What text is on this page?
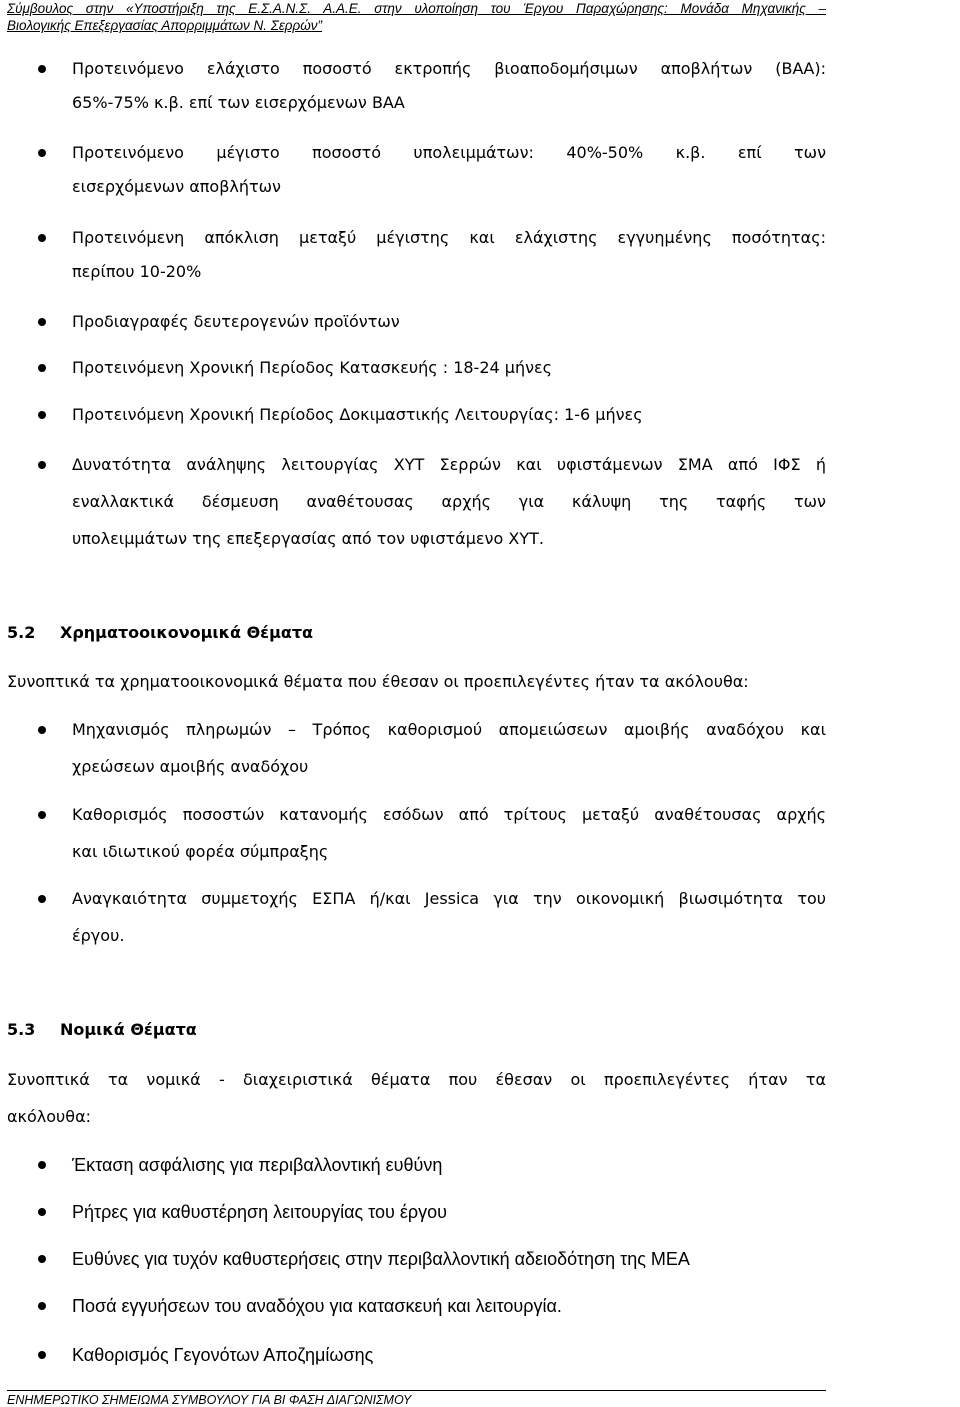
Σύμβουλος στην «Υποστήριξη της Ε.Σ.Α.Ν.Σ. Α.Α.Ε. στην υλοποίηση του Έργου Παραχώρησης: Μονάδα Μηχανικής –
Βιολογικής Επεξεργασίας Απορριμμάτων Ν. Σερρών”
Προτεινόμενο ελάχιστο ποσοστό εκτροπής βιοαποδομήσιμων αποβλήτων (ΒΑΑ):
65%-75% κ.β. επί των εισερχόμενων ΒΑΑ
Προτεινόμενο μέγιστο ποσοστό υπολειμμάτων: 40%-50% κ.β. επί των
εισερχόμενων αποβλήτων
Προτεινόμενη απόκλιση μεταξύ μέγιστης και ελάχιστης εγγυημένης ποσότητας:
περίπου 10-20%
Προδιαγραφές δευτερογενών προϊόντων
Προτεινόμενη Χρονική Περίοδος Κατασκευής : 18-24 μήνες
Προτεινόμενη Χρονική Περίοδος Δοκιμαστικής Λειτουργίας: 1-6 μήνες
Δυνατότητα ανάληψης λειτουργίας ΧΥΤ Σερρών και υφιστάμενων ΣΜΑ από ΙΦΣ ή
εναλλακτικά δέσμευση αναθέτουσας αρχής για κάλυψη της ταφής των
υπολειμμάτων της επεξεργασίας από τον υφιστάμενο ΧΥΤ.
5.2 Χρηματοοικονομικά Θέματα
Συνοπτικά τα χρηματοοικονομικά θέματα που έθεσαν οι προεπιλεγέντες ήταν τα ακόλουθα:
Μηχανισμός πληρωμών – Τρόπος καθορισμού απομειώσεων αμοιβής αναδόχου και
χρεώσεων αμοιβής αναδόχου
Καθορισμός ποσοστών κατανομής εσόδων από τρίτους μεταξύ αναθέτουσας αρχής
και ιδιωτικού φορέα σύμπραξης
Αναγκαιότητα συμμετοχής ΕΣΠΑ ή/και Jessica για την οικονομική βιωσιμότητα του
έργου.
5.3 Νομικά Θέματα
Συνοπτικά τα νομικά - διαχειριστικά θέματα που έθεσαν οι προεπιλεγέντες ήταν τα
ακόλουθα:
Έκταση ασφάλισης για περιβαλλοντική ευθύνη
Ρήτρες για καθυστέρηση λειτουργίας του έργου
Ευθύνες για τυχόν καθυστερήσεις στην περιβαλλοντική αδειοδότηση της ΜΕΑ
Ποσά εγγυήσεων του αναδόχου για κατασκευή και λειτουργία.
Καθορισμός Γεγονότων Αποζημίωσης
ΕΝΗΜΕΡΩΤΙΚΟ ΣΗΜΕΙΩΜΑ ΣΥΜΒΟΥΛΟΥ ΓΙΑ ΒΙ ΦΑΣΗ ΔΙΑΓΩΝΙΣΜΟΥ
